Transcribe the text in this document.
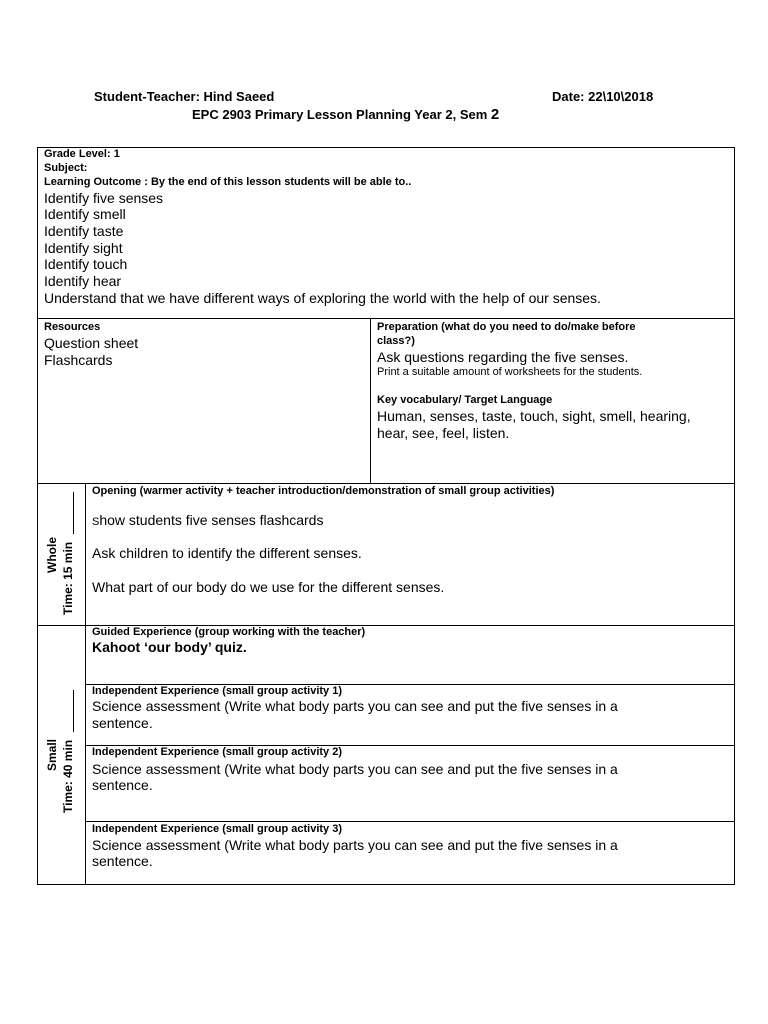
Student-Teacher: Hind Saeed	Date: 22\10\2018
EPC 2903 Primary Lesson Planning Year 2, Sem 2
Grade Level: 1
Subject:
Learning Outcome : By the end of this lesson students will be able to..
Identify five senses
Identify smell
Identify taste
Identify sight
Identify touch
Identify hear
Understand that we have different ways of exploring the world with the help of our senses.
Resources
Question sheet
Flashcards
Preparation (what do you need to do/make before
class?)
Ask questions regarding the five senses.
Print a suitable amount of worksheets for the students.
Key vocabulary/ Target Language
Human, senses, taste, touch, sight, smell, hearing,
hear, see, feel, listen.
Whole Time: 15 min
Opening (warmer activity + teacher introduction/demonstration of small group activities)
Show students five senses flashcards
Ask children to identify the different senses.
What part of our body do we use for the different senses.
Small Time: 40 min
Guided Experience (group working with the teacher)
Kahoot ‘our body’ quiz.
Independent Experience (small group activity 1)
Science assessment (Write what body parts you can see and put the five senses in a
sentence.
Independent Experience (small group activity 2)
Science assessment (Write what body parts you can see and put the five senses in a
sentence.
Independent Experience (small group activity 3)
Science assessment (Write what body parts you can see and put the five senses in a
sentence.
